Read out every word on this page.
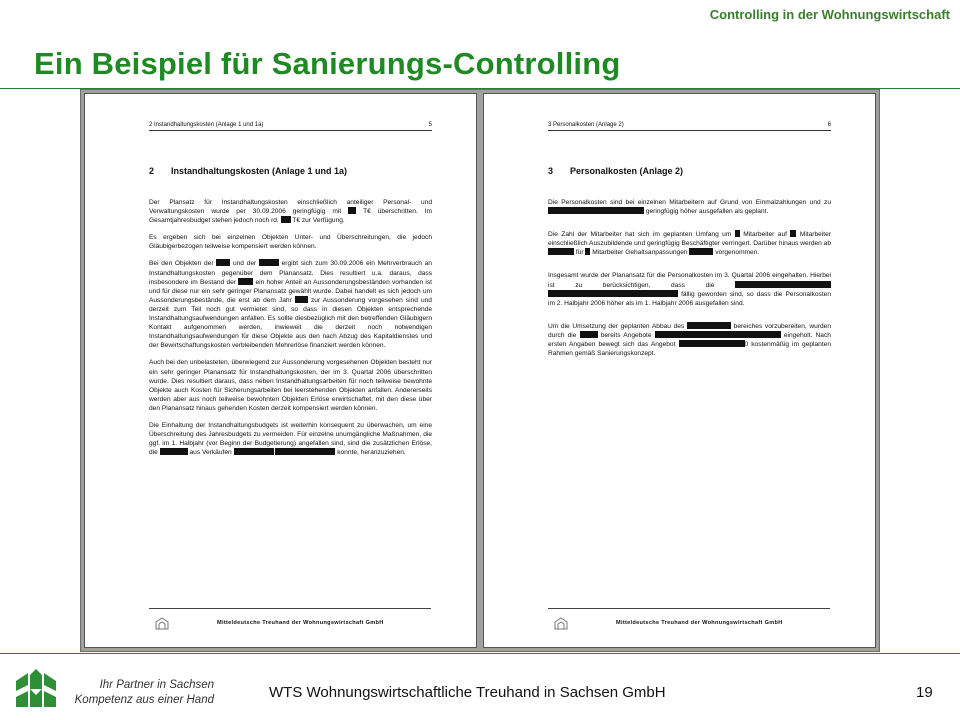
Controlling in der Wohnungswirtschaft
Ein Beispiel für Sanierungs-Controlling
2 Instandhaltungskosten (Anlage 1 und 1a)	5
2 Instandhaltungskosten (Anlage 1 und 1a)

Der Plansatz für Instandhaltungskosten einschließlich anteiliger Personal- und Verwaltungskosten wurde per 30.09.2006 geringfügig mit	T€ überschritten. Im Gesamtjahresbudget stehen jedoch noch rd. T€ zur Verfügung.

Es ergeben sich bei einzelnen Objekten Unter- und Überschreitungen, die jedoch Gläubigerbezogen teilweise kompensiert werden können.

Bei den Objekten der	und der	ergibt sich zum 30.09.2006 ein Mehrverbrauch an Instandhaltungskosten gegenüber dem Planansatz. Dies resultiert u.a. daraus, dass insbesondere im Bestand der	ein hoher Anteil an Aussonderungsbeständen vorhanden ist und für diese nur ein sehr geringer Planansatz gewählt wurde. Dabei handelt es sich jedoch um Aussonderungsbestände, die erst ab dem Jahr	zur Aussonderung vorgesehen sind und derzeit zum Teil noch gut vermietet sind, so dass in diesen Objekten entsprechende Instandhaltungsaufwendungen anfallen. Es sollte diesbezüglich mit den betreffenden Gläubigern Kontakt aufgenommen werden, inwieweit die derzeit noch notwendigen Instandhaltungsaufwendungen für diese Objekte aus den nach Abzug des Kapitaldienstes und der Bewirtschaftungskosten verbleibenden Mehrerlöse finanziert werden können.

Auch bei den unbelasteten, überwiegend zur Aussonderung vorgesehenen Objekten besteht nur ein sehr geringer Planansatz für Instandhaltungskosten, der im 3. Quartal 2006 überschritten wurde. Dies resultiert daraus, dass neben Instandhaltungsarbeiten für noch teilweise bewohnte Objekte auch Kosten für Sicherungsarbeiten bei leerstehenden Objekten anfallen. Andererseits werden aber aus noch teilweise bewohnten Objekten Erlöse erwirtschaftet, mit den diese über den Planansatz hinaus gehenden Kosten derzeit kompensiert werden können.

Die Einhaltung der Instandhaltungsbudgets ist weiterhin konsequent zu überwachen, um eine Überschreitung des Jahresbudgets zu vermeiden. Für einzelne unumgängliche Maßnahmen, die ggf. im 1. Halbjahr (vor Beginn der Budgetierung) angefallen sind, sind die zusätzlichen Erlöse, die	aus Verkäufen	konnte, heranzuziehen.

Mitteldeutsche Treuhand der Wohnungswirtschaft GmbH
3 Personalkosten (Anlage 2)	6
3 Personalkosten (Anlage 2)

Die Personalkosten sind bei einzelnen Mitarbeitern auf Grund von Einmalzahlungen und zu  geringfügig höher ausgefallen als geplant.

Die Zahl der Mitarbeiter hat sich im geplanten Umfang um Mitarbeiter auf Mitarbeiter einschließlich Auszubildende und geringfügig Beschäftigter verringert. Darüber hinaus werden ab  für Mitarbeiter Gehaltsanpassungen	vorgenommen.

Insgesamt wurde der Planansatz für die Personalkosten im 3. Quartal 2006 eingehalten. Hierbei ist zu berücksichtigen, dass die   fällig geworden sind, so dass die Personalkosten im 2. Halbjahr 2006 höher als im 1. Halbjahr 2006 ausgefallen sind.

Um die Umsetzung der geplanten Abbau des	bereiches vorzubereiten, wurden durch die	bereits Angebote	eingeholt. Nach ersten Angaben bewegt sich das Angebot	0 kostenmäßig im geplanten Rahmen gemäß Sanierungskonzept.

Mitteldeutsche Treuhand der Wohnungswirtschaft GmbH
Ihr Partner in Sachsen
Kompetenz aus einer Hand	WTS Wohnungswirtschaftliche Treuhand in Sachsen GmbH	19
